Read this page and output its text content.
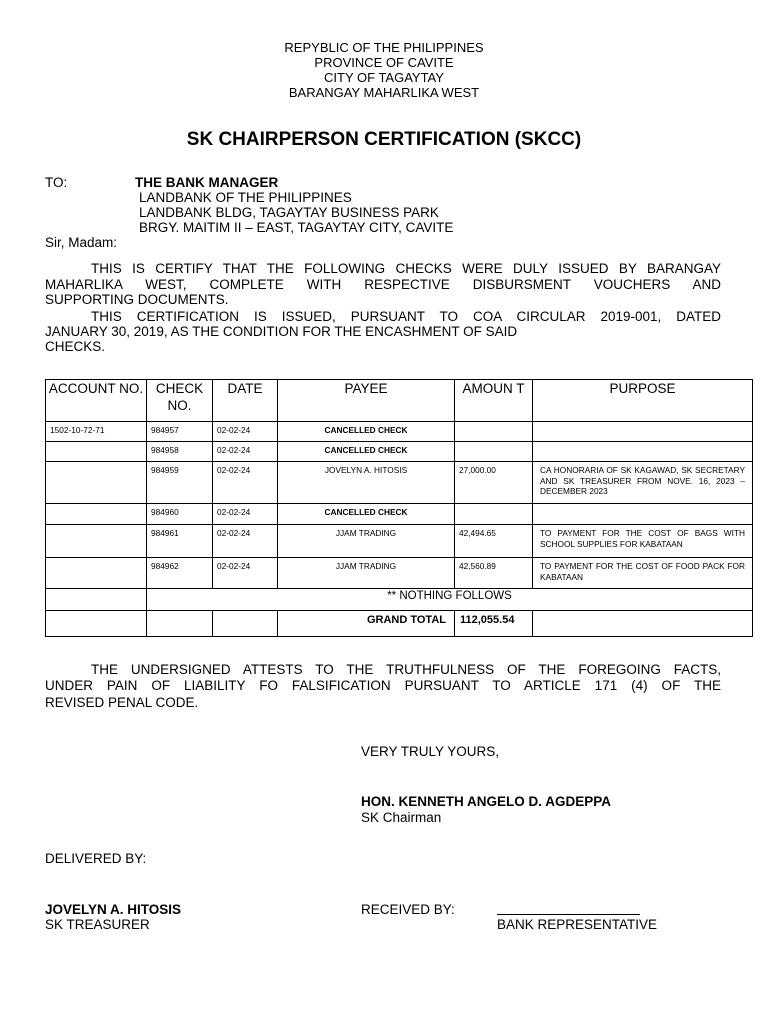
REPYBLIC OF THE PHILIPPINES
PROVINCE OF CAVITE
CITY OF TAGAYTAY
BARANGAY MAHARLIKA WEST
SK CHAIRPERSON CERTIFICATION (SKCC)
TO:	THE BANK MANAGER
LANDBANK OF THE PHILIPPINES
LANDBANK BLDG, TAGAYTAY BUSINESS PARK
BRGY. MAITIM II – EAST, TAGAYTAY CITY, CAVITE
Sir, Madam:
THIS IS CERTIFY THAT THE FOLLOWING CHECKS WERE DULY ISSUED BY BARANGAY
MAHARLIKA WEST, COMPLETE WITH RESPECTIVE DISBURSMENT VOUCHERS AND
SUPPORTING DOCUMENTS.
THIS CERTIFICATION IS ISSUED, PURSUANT TO COA CIRCULAR 2019-001, DATED
JANUARY 30, 2019, AS THE CONDITION FOR THE ENCASHMENT OF SAID
CHECKS.
ACCOUNT NO.	CHECK NO.	DATE	PAYEE	AMOUN T	PURPOSE
1502-10-72-71	984957	02-02-24	CANCELLED CHECK		
	984958	02-02-24	CANCELLED CHECK		
	984959	02-02-24	JOVELYN A. HITOSIS	27,000.00	CA HONORARIA OF SK KAGAWAD, SK SECRETARY AND SK TREASURER FROM NOVE. 16, 2023 – DECEMBER 2023
	984960	02-02-24	CANCELLED CHECK		
	984961	02-02-24	JJAM TRADING	42,494.65	TO PAYMENT FOR THE COST OF BAGS WITH SCHOOL SUPPLIES FOR KABATAAN
	984962	02-02-24	JJAM TRADING	42,560.89	TO PAYMENT FOR THE COST OF FOOD PACK FOR KABATAAN
	** NOTHING FOLLOWS				
			GRAND TOTAL	112,055.54	
THE UNDERSIGNED ATTESTS TO THE TRUTHFULNESS OF THE FOREGOING FACTS,
UNDER PAIN OF LIABILITY FO FALSIFICATION PURSUANT TO ARTICLE 171 (4) OF THE
REVISED PENAL CODE.
VERY TRULY YOURS,
HON. KENNETH ANGELO D. AGDEPPA
SK Chairman
DELIVERED BY:
JOVELYN A. HITOSIS
SK TREASURER
RECEIVED BY:
BANK REPRESENTATIVE
